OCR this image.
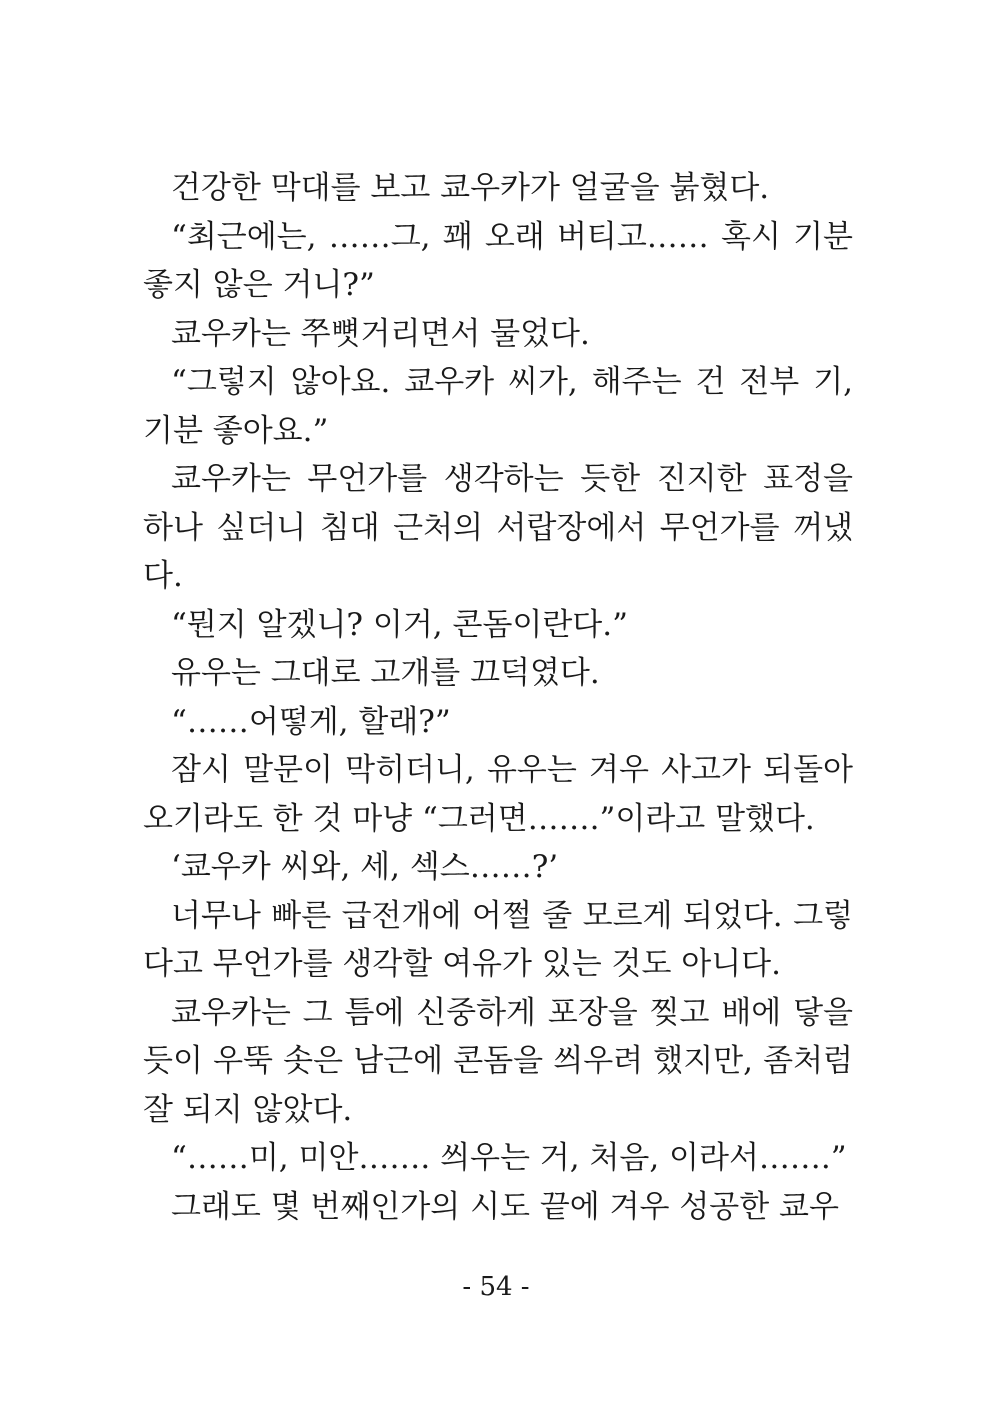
건강한 막대를 보고 쿄우카가 얼굴을 붉혔다.

“최근에는, ……그, 꽤 오래 버티고…… 혹시 기분 좋지 않은 거니?”

쿄우카는 쭈뼛거리면서 물었다.

“그렇지 않아요. 쿄우카 씨가, 해주는 건 전부 기, 기분 좋아요.”

쿄우카는 무언가를 생각하는 듯한 진지한 표정을 하나 싶더니 침대 근처의 서랍장에서 무언가를 꺼냈다.

“뭔지 알겠니? 이거, 콘돔이란다.”

유우는 그대로 고개를 끄덕였다.

“……어떻게, 할래?”

잠시 말문이 막히더니, 유우는 겨우 사고가 되돌아오기라도 한 것 마냥 “그러면…….”이라고 말했다.

‘쿄우카 씨와, 세, 섹스……?’

너무나 빠른 급전개에 어쩔 줄 모르게 되었다. 그렇다고 무언가를 생각할 여유가 있는 것도 아니다.

쿄우카는 그 틈에 신중하게 포장을 찢고 배에 닿을 듯이 우뚝 솟은 남근에 콘돔을 씌우려 했지만, 좀처럼 잘 되지 않았다.

“……미, 미안……. 씌우는 거, 처음, 이라서…….”

그래도 몇 번째인가의 시도 끝에 겨우 성공한 쿄우

- 54 -
